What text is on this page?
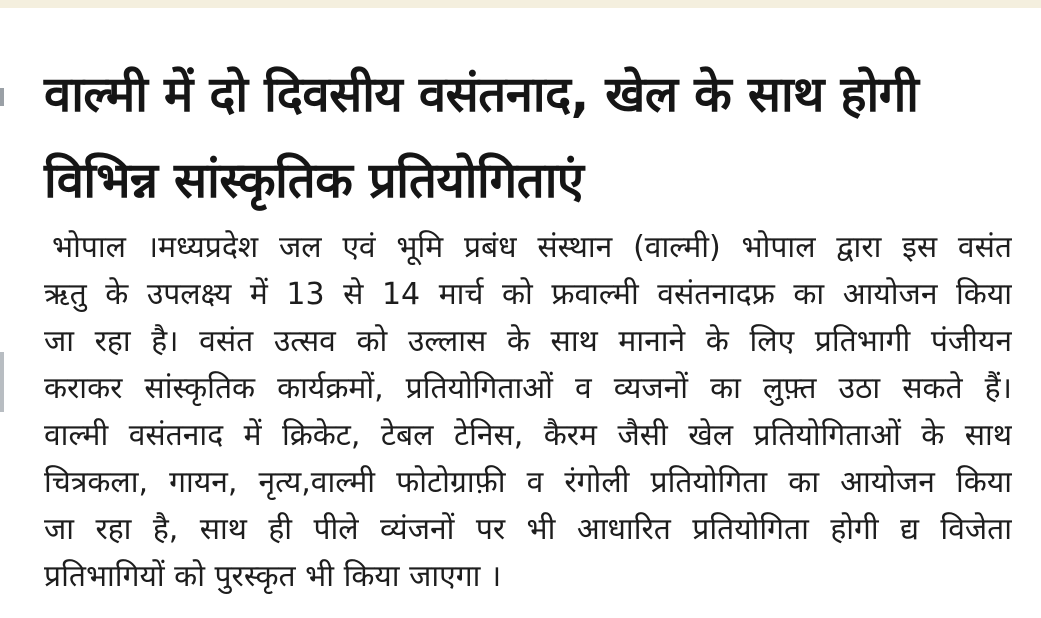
वाल्मी में दो दिवसीय वसंतनाद, खेल के साथ होगी
विभिन्न सांस्कृतिक प्रतियोगिताएं
भोपाल ।मध्यप्रदेश जल एवं भूमि प्रबंध संस्थान (वाल्मी) भोपाल द्वारा इस वसंत
ऋतु के उपलक्ष्य में 13 से 14 मार्च को फ्रवाल्मी वसंतनादफ्र का आयोजन किया
जा रहा है। वसंत उत्सव को उल्लास के साथ मानाने के लिए प्रतिभागी पंजीयन
कराकर सांस्कृतिक कार्यक्रमों, प्रतियोगिताओं व व्यजनों का लुफ़्त उठा सकते हैं।
वाल्मी वसंतनाद में क्रिकेट, टेबल टेनिस, कैरम जैसी खेल प्रतियोगिताओं के साथ
चित्रकला, गायन, नृत्य,वाल्मी फोटोग्राफ़ी व रंगोली प्रतियोगिता का आयोजन किया
जा रहा है, साथ ही पीले व्यंजनों पर भी आधारित प्रतियोगिता होगी द्य विजेता
प्रतिभागियों को पुरस्कृत भी किया जाएगा ।
